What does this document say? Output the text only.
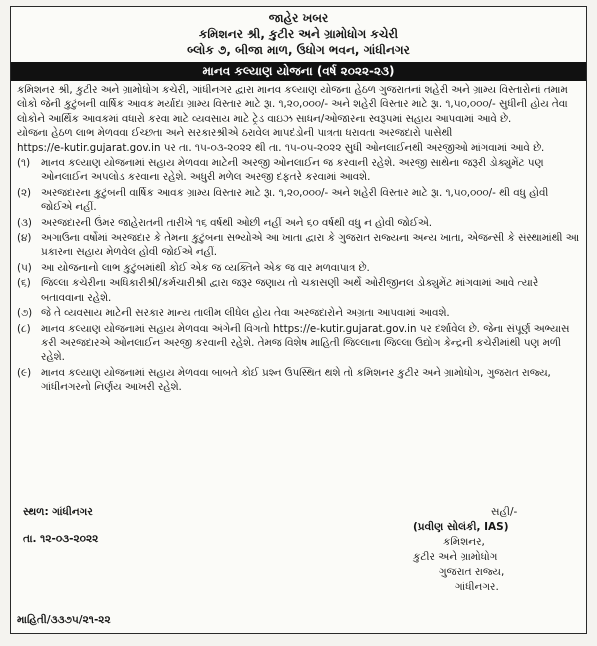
જાહેર ખબર
કમિશનર શ્રી, કુટીર અને ગ્રામોધોગ કચેરી
બ્લોક ૭, બીજા માળ, ઉધોગ ભવન, ગાંધીનગર
માનવ કલ્યાણ યોજના (વર્ષ ૨૦૨૨-૨૩)

કમિશનર શ્રી, કુટીર અને ગ્રામોધોગ કચેરી, ગાંધીનગર દ્વારા માનવ કલ્યાણ યોજના હેઠળ ગુજરાતનાં શહેરી અને ગ્રામ્ય વિસ્તારોનાં તમામ લોકો જેની કુટુંબની વાર્ષિક આવક મર્યાદા ગ્રામ્ય વિસ્તાર માટે રૂા. ૧,૨૦,૦૦૦/- અને શહેરી વિસ્તાર માટે રૂા. ૧,૫૦,૦૦૦/- સુધીની હોય તેવા લોકોને આર્થિક આવકમાં વધારો કરવા માટે વ્યવસાય માટે ટ્રેડ વાઇઝ સાધન/ઓજારના સ્વરૂપમાં સહાય આપવામાં આવે છે.

યોજના હેઠળ લાભ મેળવવા ઈચ્છતા અને સરકારશ્રીએ ઠરાવેલ માપદંડોની પાત્રતા ધરાવતા અરજદારો પાસેથી
https://e-kutir.gujarat.gov.in પર તા. ૧૫-૦૩-૨૦૨૨ થી તા. ૧૫-૦૫-૨૦૨૨ સુધી ઓનલાઈનથી અરજીઓ માંગવામાં આવે છે.

(૧)	માનવ કલ્યાણ યોજનામાં સહાય મેળવવા માટેની અરજી ઓનલાઈન જ કરવાની રહેશે. અરજી સાથેના જરૂરી ડોક્યુમેંટ પણ ઓનલાઈન અપલોડ કરવાના રહેશે. અધુરી મળેલ અરજી દફતરે કરવામાં આવશે.
(૨) અરજદારના કુટુંબની વાર્ષિક આવક ગ્રામ્ય વિસ્તાર માટે રૂા. ૧,૨૦,૦૦૦/- અને શહેરી વિસ્તાર માટે રૂા. ૧,૫૦,૦૦૦/- થી વધુ હોવી જોઈએ નહીં.
(૩) અરજદારની ઉંમર જાહેરાતની તારીખે ૧૬ વર્ષથી ઓછી નહીં અને ૬૦ વર્ષથી વધુ ન હોવી જોઈએ.
(૪) અગાઉના વર્ષોમાં અરજદાર કે તેમના કુટુંબના સભ્યોએ આ ખાતા દ્વારા કે ગુજરાત રાજ્યના અન્ય ખાતા, એજન્સી કે સંસ્થામાંથી આ પ્રકારના સહાય મેળવેલ હોવી જોઈએ નહીં.
(૫) આ યોજનાનો લાભ કુટુંબમાંથી કોઈ એક જ વ્યક્તિને એક જ વાર મળવાપાત્ર છે.
(૬) જિલ્લા કચેરીના અધિકારીશ્રી/કર્મચારીશ્રી દ્વારા જરૂર જણાય તો ચકાસણી અર્થે ઓરીજીનલ ડોક્યુમેંટ માંગવામાં આવે ત્યારે બતાવવાના રહેશે.
(૭) જે તે વ્યવસાય માટેની સરકાર માન્ય તાલીમ લીધેલ હોય તેવા અરજદારોને અગ્રતા આપવામાં આવશે.
(૮) માનવ કલ્યાણ યોજનામાં સહાય મેળવવા અંગેની વિગતો https://e-kutir.gujarat.gov.in પર દર્શાવેલ છે. જેના સંપૂર્ણ અભ્યાસ કરી અરજદારએ ઓનલાઈન અરજી કરવાની રહેશે. તેમજ વિશેષ માહિતી જિલ્લાના જિલ્લા ઉદ્યોગ કેન્દ્રની કચેરીમાંથી પણ મળી રહેશે.
(૯) માનવ કલ્યાણ યોજનામાં સહાય મેળવવા બાબતે કોઈ પ્રશ્ન ઉપસ્થિત થશે તો કમિશનર કુટીર અને ગ્રામોધોગ, ગુજરાત રાજ્ય, ગાંધીનગરનો નિર્ણય આખરી રહેશે.
સ્થળ: ગાંધીનગર
તા. ૧૨-૦૩-૨૦૨૨
સહી/-
(પ્રવીણ સોલંકી, IAS)
કમિશનર,
કુટીર અને ગ્રામોધોગ
ગુજરાત રાજ્ય,
ગાંધીનગર.
માહિતી/૩૩૭૫/૨૧-૨૨
